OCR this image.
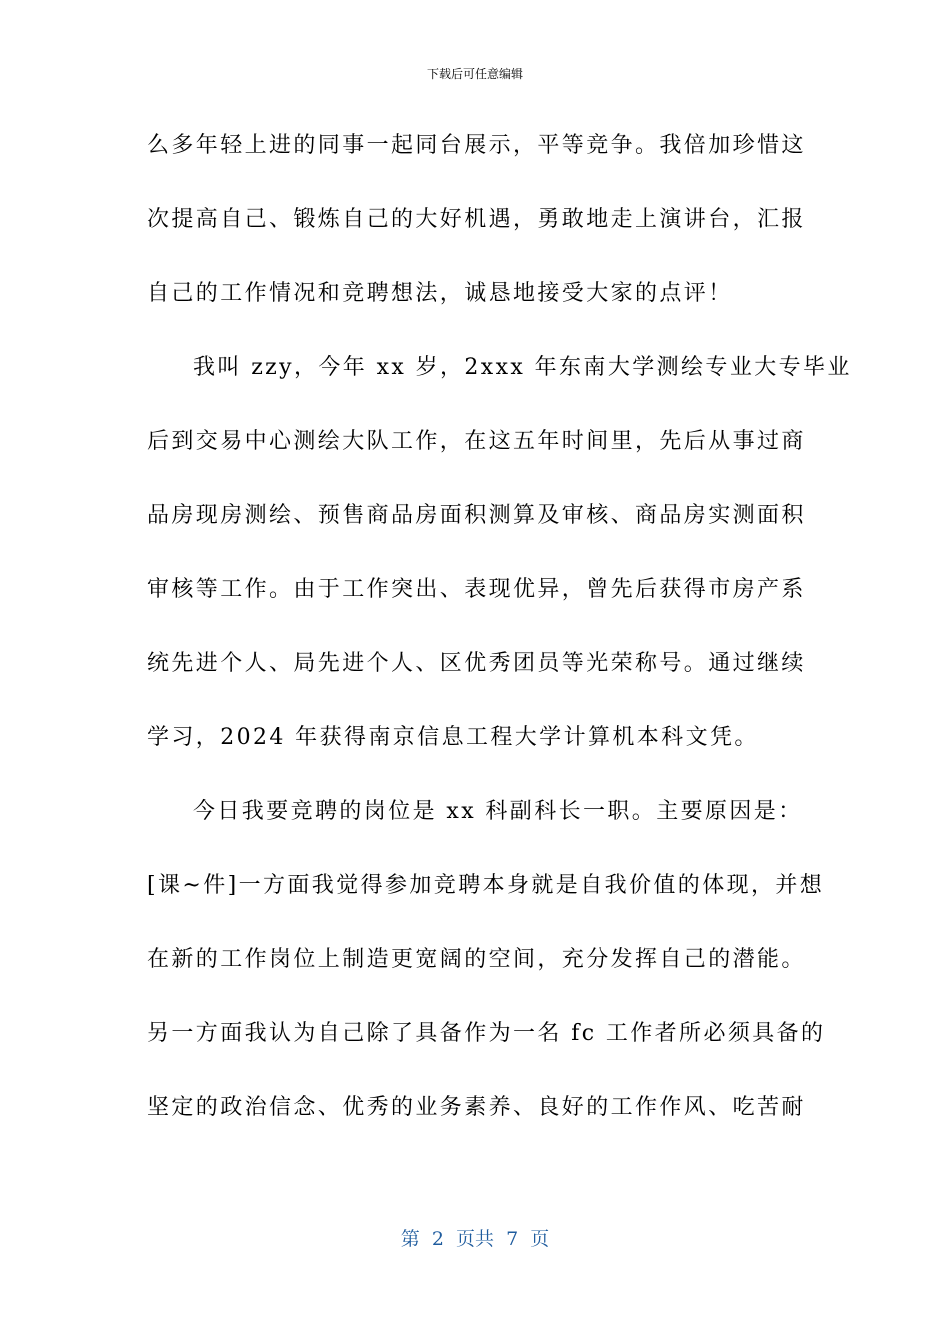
下载后可任意编辑
么多年轻上进的同事一起同台展示，平等竞争。我倍加珍惜这
次提高自己、锻炼自己的大好机遇，勇敢地走上演讲台，汇报
自己的工作情况和竞聘想法，诚恳地接受大家的点评！
我叫 zzy，今年 xx 岁，2xxx 年东南大学测绘专业大专毕业
后到交易中心测绘大队工作，在这五年时间里，先后从事过商
品房现房测绘、预售商品房面积测算及审核、商品房实测面积
审核等工作。由于工作突出、表现优异，曾先后获得市房产系
统先进个人、局先进个人、区优秀团员等光荣称号。通过继续
学习，2024 年获得南京信息工程大学计算机本科文凭。
今日我要竞聘的岗位是 xx 科副科长一职。主要原因是：
[课~件]一方面我觉得参加竞聘本身就是自我价值的体现，并想
在新的工作岗位上制造更宽阔的空间，充分发挥自己的潜能。
另一方面我认为自己除了具备作为一名 fc 工作者所必须具备的
坚定的政治信念、优秀的业务素养、良好的工作作风、吃苦耐
第  2  页共  7  页
